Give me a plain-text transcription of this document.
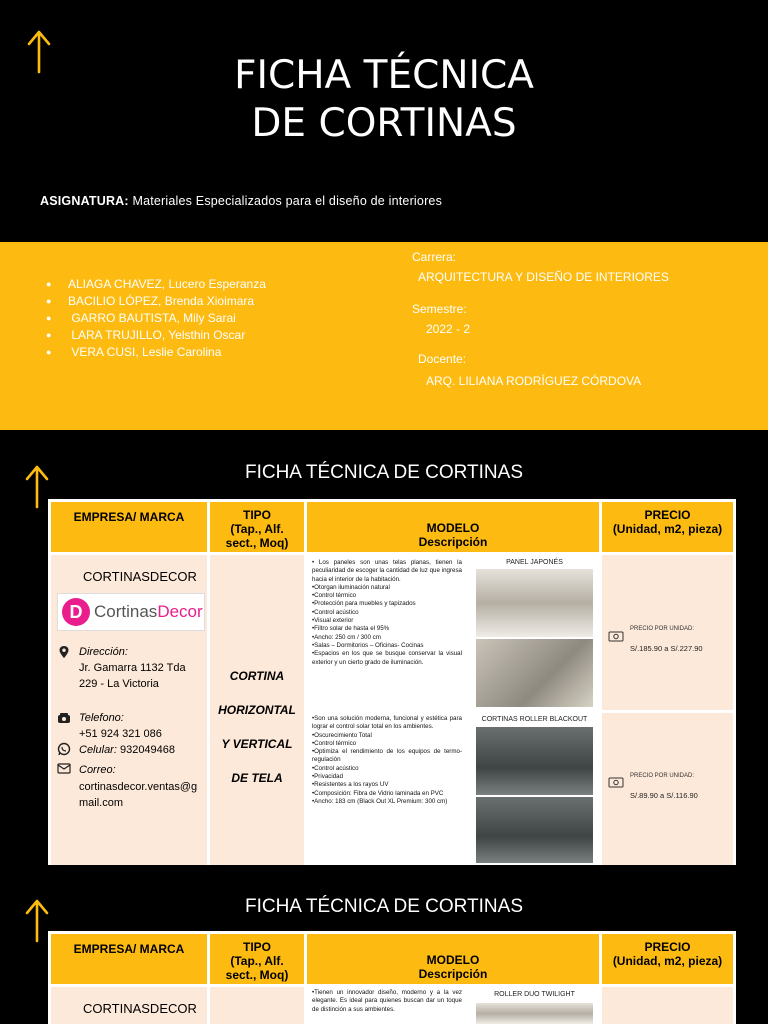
FICHA TÉCNICA
DE CORTINAS
ASIGNATURA: Materiales Especializados para el diseño de interiores
● ALIAGA CHAVEZ, Lucero Esperanza
● BACILIO LÓPEZ, Brenda Xioimara
● GARRO BAUTISTA, Mily Sarai
● LARA TRUJILLO, Yelsthin Oscar
● VERA CUSI, Leslie Carolina
Carrera:
ARQUITECTURA Y DISEÑO DE INTERIORES
Semestre:
2022 - 2
Docente:
ARQ. LILIANA RODRÍGUEZ CÓRDOVA
FICHA TÉCNICA DE CORTINAS
EMPRESA/ MARCA	TIPO
(Tap., Alf.
sect., Moq)
MODELO
Descripción
PRECIO
(Unidad, m2, pieza)
CORTINASDECOR
D CortinasDecor
Dirección:
Jr. Gamarra 1132 Tda
229 - La Victoria
Telefono:
+51 924 321 086
Celular: 932049468
Correo:
cortinasdecor.ventas@g
mail.com
CORTINA
HORIZONTAL
Y VERTICAL
DE TELA
• Los paneles son unas telas planas, tienen la peculiaridad de escoger la cantidad de luz que ingresa hacia el interior de la habitación.
•Otorgan iluminación natural
•Control térmico
•Protección para muebles y tapizados
•Control acústico
•Visual exterior
•Filtro solar de hasta el 95%
•Ancho: 250 cm / 300 cm
•Salas – Dormitorios – Oficinas- Cocinas
•Espacios en los que se busque conservar la visual exterior y un cierto grado de iluminación.
PANEL JAPONÉS
PRECIO POR UNIDAD:
S/.185.90 a S/.227.90
•Son una solución moderna, funcional y estética para lograr el control solar total en los ambientes.
•Oscurecimiento Total
•Control térmico
•Optimiza el rendimiento de los equipos de termo-regulación
•Control acústico
•Privacidad
•Resistentes a los rayos UV
•Composición: Fibra de Vidrio laminada en PVC
•Ancho: 183 cm (Black Out XL Premium: 300 cm)
CORTINAS ROLLER BLACKOUT
PRECIO POR UNIDAD:
S/.89.90 a S/.116.90
FICHA TÉCNICA DE CORTINAS
EMPRESA/ MARCA	TIPO
(Tap., Alf.
sect., Moq)
MODELO
Descripción
PRECIO
(Unidad, m2, pieza)
CORTINASDECOR
•Tienen un innovador diseño, moderno y a la vez elegante. Es ideal para quienes buscan dar un toque de distinción a sus ambientes.
ROLLER DUO TWILIGHT
